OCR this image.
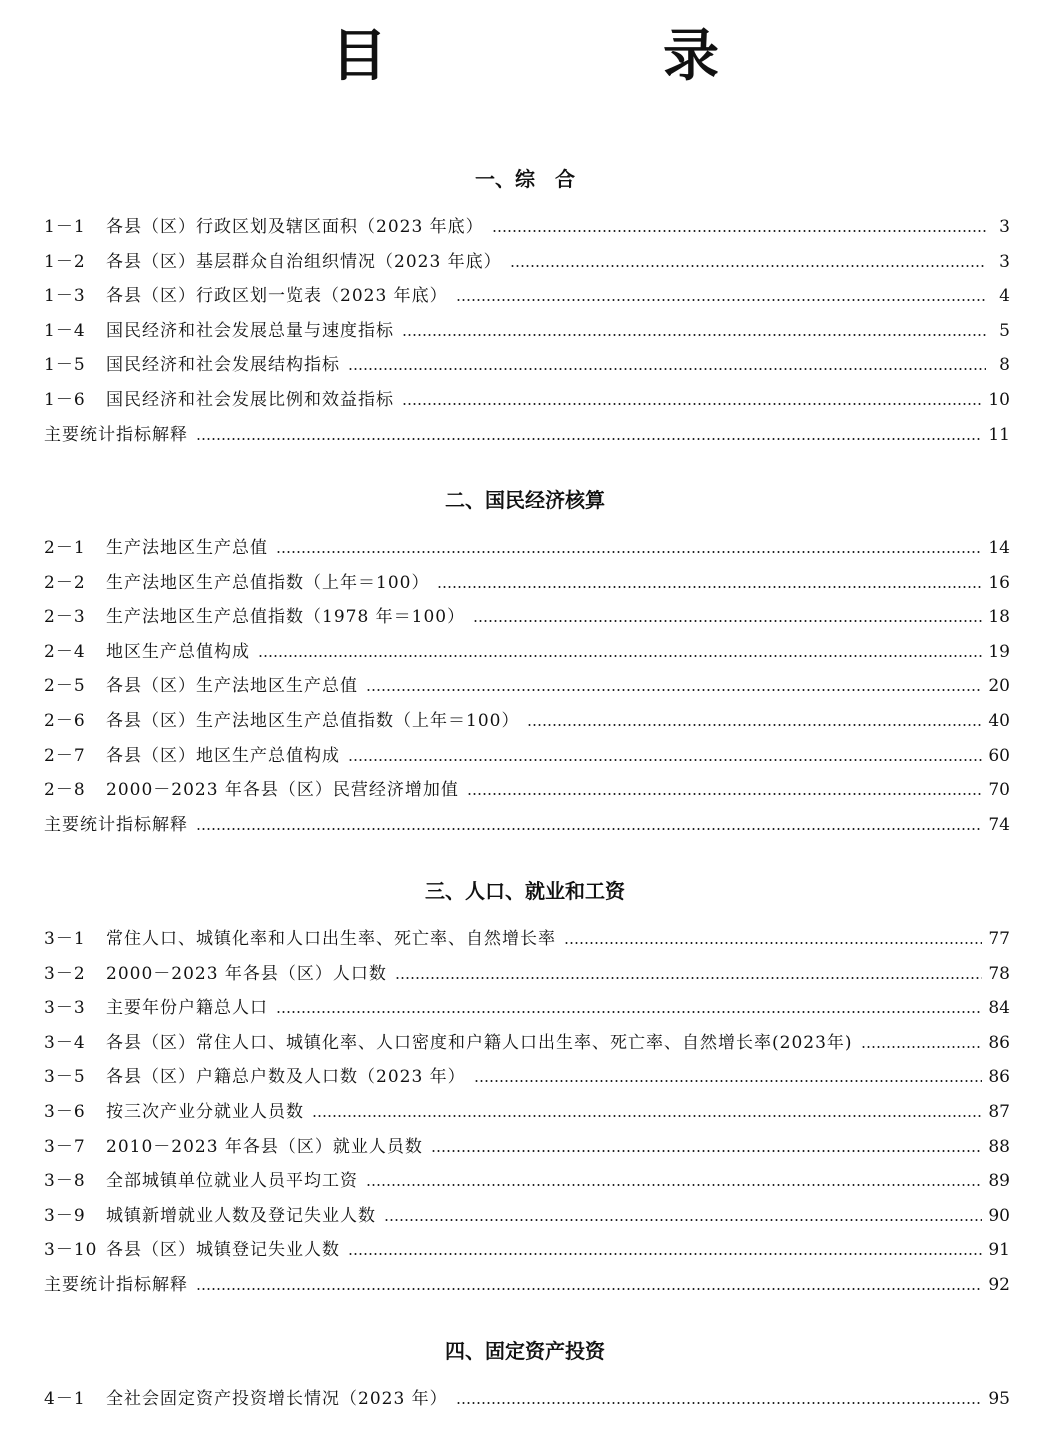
目　录
一、综　合
1－1	各县（区）行政区划及辖区面积（2023 年底）	3
1－2	各县（区）基层群众自治组织情况（2023 年底）	3
1－3	各县（区）行政区划一览表（2023 年底）	4
1－4	国民经济和社会发展总量与速度指标	5
1－5	国民经济和社会发展结构指标	8
1－6	国民经济和社会发展比例和效益指标	10
主要统计指标解释	11
二、国民经济核算
2－1	生产法地区生产总值	14
2－2	生产法地区生产总值指数（上年＝100）	16
2－3	生产法地区生产总值指数（1978 年＝100）	18
2－4	地区生产总值构成	19
2－5	各县（区）生产法地区生产总值	20
2－6	各县（区）生产法地区生产总值指数（上年＝100）	40
2－7	各县（区）地区生产总值构成	60
2－8	2000－2023 年各县（区）民营经济增加值	70
主要统计指标解释	74
三、人口、就业和工资
3－1	常住人口、城镇化率和人口出生率、死亡率、自然增长率	77
3－2	2000－2023 年各县（区）人口数	78
3－3	主要年份户籍总人口	84
3－4	各县（区）常住人口、城镇化率、人口密度和户籍人口出生率、死亡率、自然增长率(2023年)	86
3－5	各县（区）户籍总户数及人口数（2023 年）	86
3－6	按三次产业分就业人员数	87
3－7	2010－2023 年各县（区）就业人员数	88
3－8	全部城镇单位就业人员平均工资	89
3－9	城镇新增就业人数及登记失业人数	90
3－10 各县（区）城镇登记失业人数	91
主要统计指标解释	92
四、固定资产投资
4－1	全社会固定资产投资增长情况（2023 年）	95
